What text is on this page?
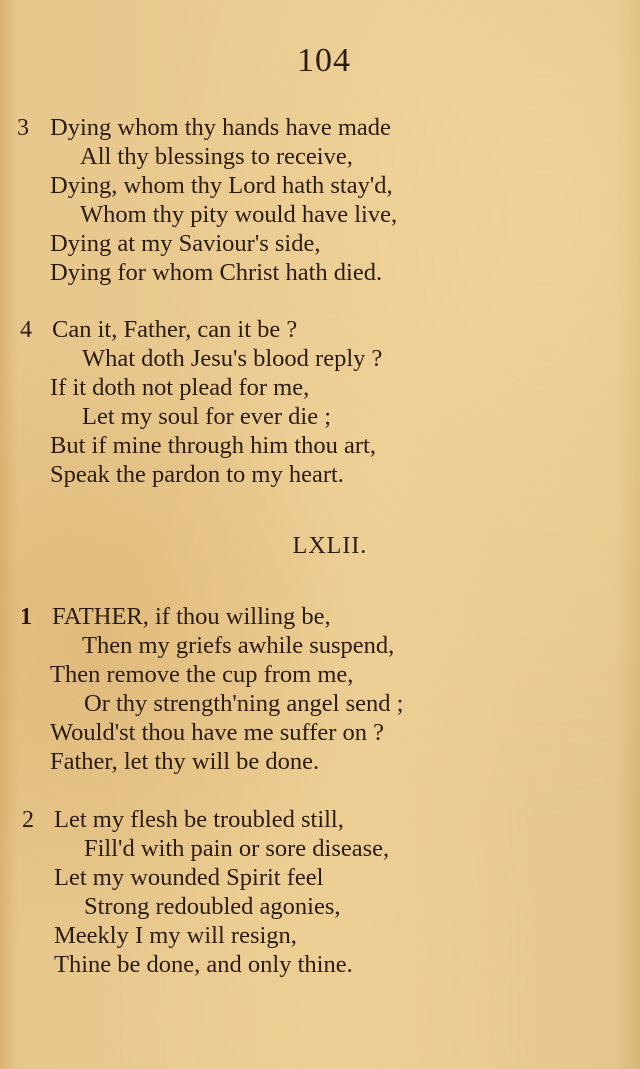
104
3 Dying whom thy hands have made
All thy blessings to receive,
Dying, whom thy Lord hath stay'd,
Whom thy pity would have live,
Dying at my Saviour's side,
Dying for whom Christ hath died.
4 Can it, Father, can it be ?
What doth Jesu's blood reply ?
If it doth not plead for me,
Let my soul for ever die ;
But if mine through him thou art,
Speak the pardon to my heart.
LXLII.
1 FATHER, if thou willing be,
Then my griefs awhile suspend,
Then remove the cup from me,
Or thy strength'ning angel send ;
Would'st thou have me suffer on ?
Father, let thy will be done.
2 Let my flesh be troubled still,
Fill'd with pain or sore disease,
Let my wounded Spirit feel
Strong redoubled agonies,
Meekly I my will resign,
Thine be done, and only thine.
